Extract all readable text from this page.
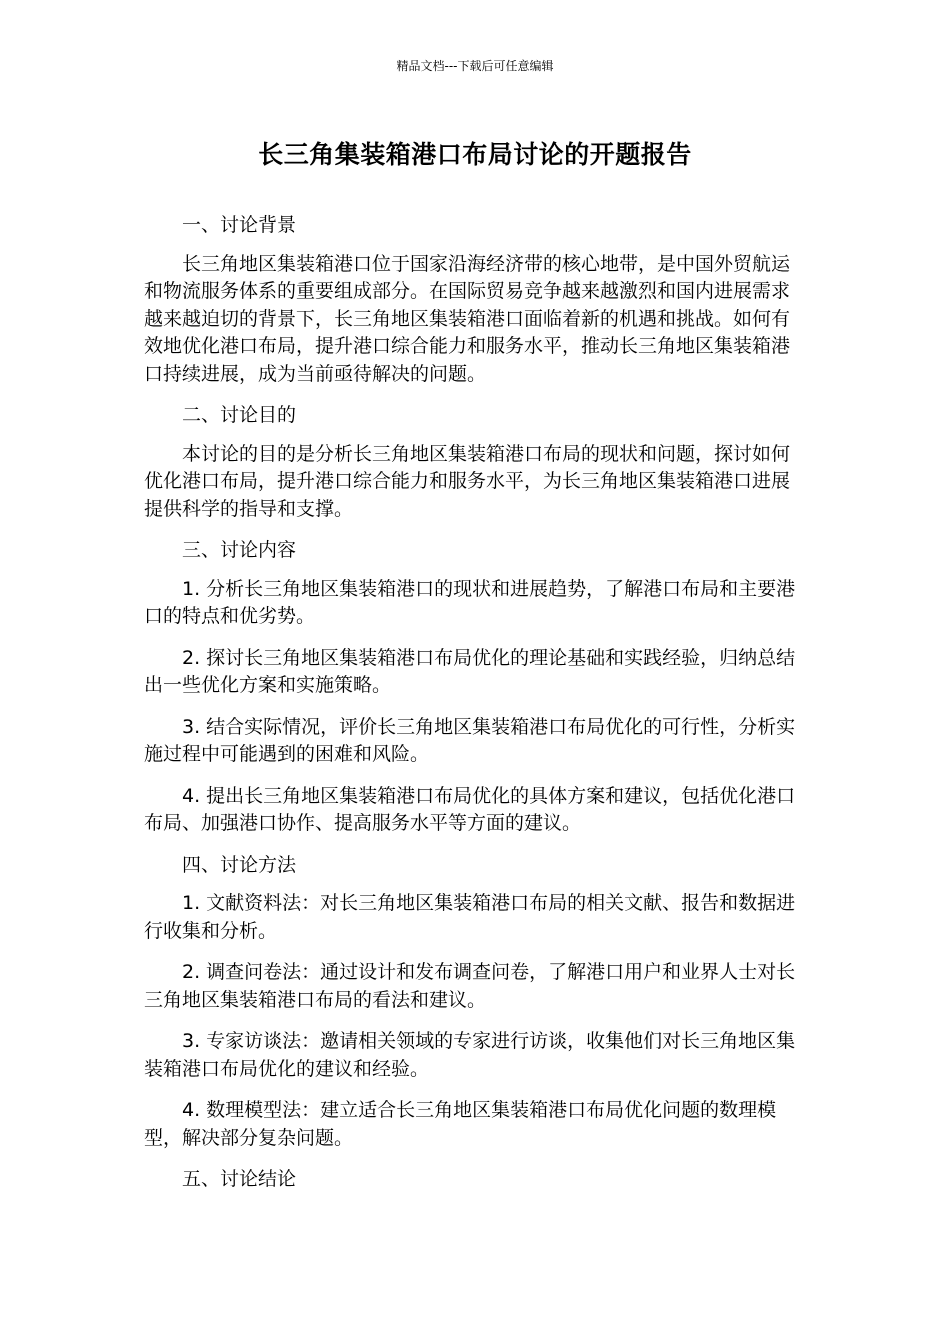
精品文档---下载后可任意编辑
长三角集装箱港口布局讨论的开题报告

一、讨论背景

长三角地区集装箱港口位于国家沿海经济带的核心地带，是中国外贸航运和物流服务体系的重要组成部分。在国际贸易竞争越来越激烈和国内进展需求越来越迫切的背景下，长三角地区集装箱港口面临着新的机遇和挑战。如何有效地优化港口布局，提升港口综合能力和服务水平，推动长三角地区集装箱港口持续进展，成为当前亟待解决的问题。

二、讨论目的

本讨论的目的是分析长三角地区集装箱港口布局的现状和问题，探讨如何优化港口布局，提升港口综合能力和服务水平，为长三角地区集装箱港口进展提供科学的指导和支撑。

三、讨论内容

1. 分析长三角地区集装箱港口的现状和进展趋势，了解港口布局和主要港口的特点和优劣势。

2. 探讨长三角地区集装箱港口布局优化的理论基础和实践经验，归纳总结出一些优化方案和实施策略。

3. 结合实际情况，评价长三角地区集装箱港口布局优化的可行性，分析实施过程中可能遇到的困难和风险。

4. 提出长三角地区集装箱港口布局优化的具体方案和建议，包括优化港口布局、加强港口协作、提高服务水平等方面的建议。

四、讨论方法

1. 文献资料法：对长三角地区集装箱港口布局的相关文献、报告和数据进行收集和分析。

2. 调查问卷法：通过设计和发布调查问卷，了解港口用户和业界人士对长三角地区集装箱港口布局的看法和建议。

3. 专家访谈法：邀请相关领域的专家进行访谈，收集他们对长三角地区集装箱港口布局优化的建议和经验。

4. 数理模型法：建立适合长三角地区集装箱港口布局优化问题的数理模型，解决部分复杂问题。

五、讨论结论
